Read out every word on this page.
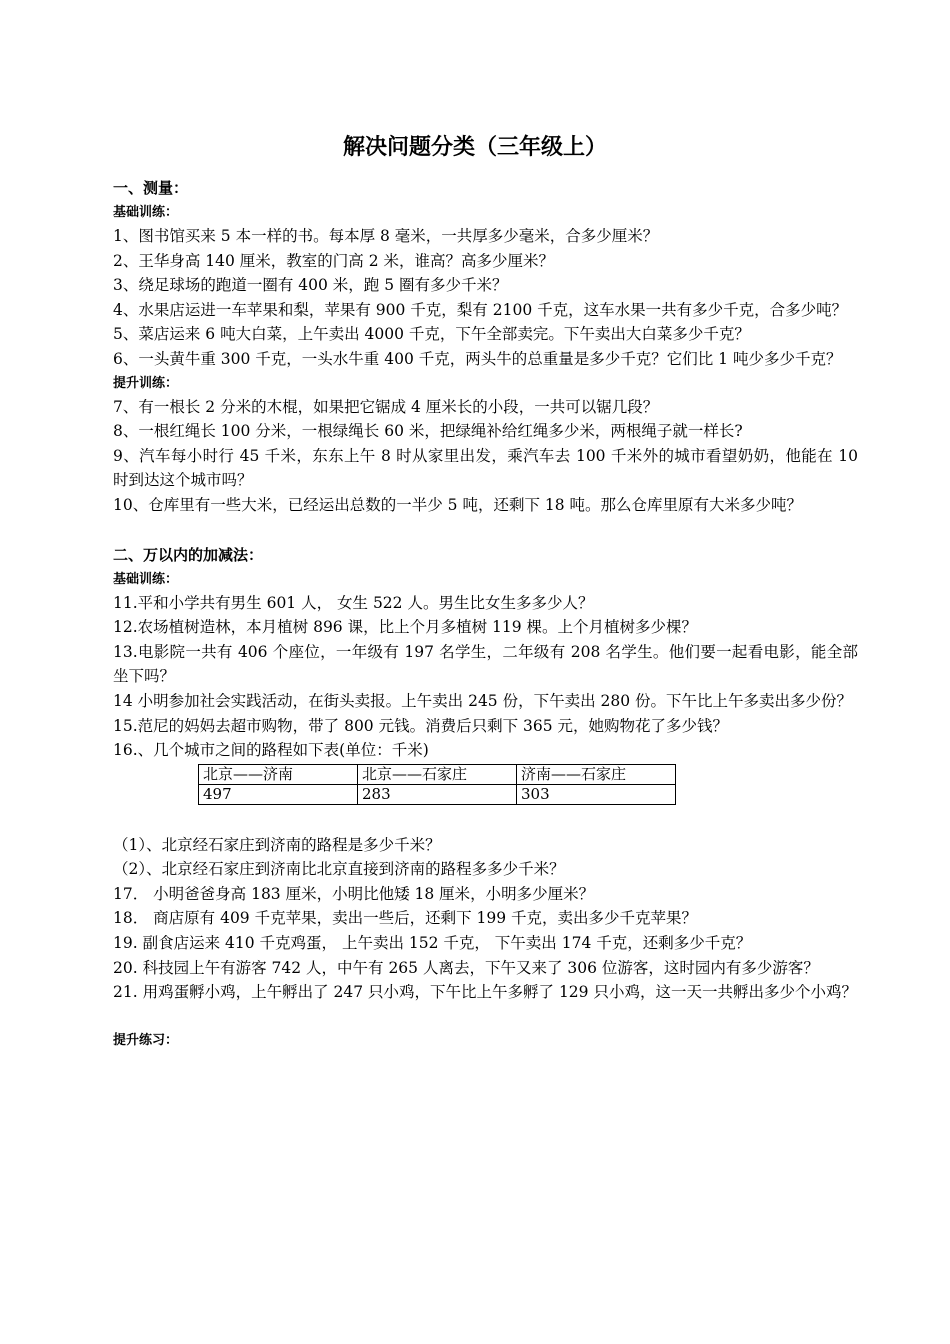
解决问题分类（三年级上）
一、测量：
基础训练：

1、图书馆买来 5 本一样的书。每本厚 8 毫米，一共厚多少毫米，合多少厘米？

2、王华身高 140 厘米，教室的门高 2 米，谁高？高多少厘米？

3、绕足球场的跑道一圈有 400 米，跑 5 圈有多少千米？

4、水果店运进一车苹果和梨，苹果有 900 千克，梨有 2100 千克，这车水果一共有多少千克，合多少吨？

5、菜店运来 6 吨大白菜，上午卖出 4000 千克，下午全部卖完。下午卖出大白菜多少千克？

6、一头黄牛重 300 千克，一头水牛重 400 千克，两头牛的总重量是多少千克？它们比 1 吨少多少千克？

提升训练：

7、有一根长 2 分米的木棍，如果把它锯成 4 厘米长的小段，一共可以锯几段？

8、一根红绳长 100 分米，一根绿绳长 60 米，把绿绳补给红绳多少米，两根绳子就一样长?

9、汽车每小时行 45 千米，东东上午 8 时从家里出发，乘汽车去 100 千米外的城市看望奶奶，他能在 10 时到达这个城市吗？

10、仓库里有一些大米，已经运出总数的一半少 5 吨，还剩下 18 吨。那么仓库里原有大米多少吨？

二、万以内的加减法：
基础训练：

11.平和小学共有男生 601 人， 女生 522 人。男生比女生多多少人？

12.农场植树造林，本月植树 896 课，比上个月多植树 119 棵。上个月植树多少棵？

13.电影院一共有 406 个座位，一年级有 197 名学生，二年级有 208 名学生。他们要一起看电影，能全部坐下吗？

14 小明参加社会实践活动，在街头卖报。上午卖出 245 份，下午卖出 280 份。下午比上午多卖出多少份？

15.范尼的妈妈去超市购物，带了 800 元钱。消费后只剩下 365 元，她购物花了多少钱？

16.、几个城市之间的路程如下表(单位：千米)

北京——济南	北京——石家庄	济南——石家庄
497	283	303

（1）、北京经石家庄到济南的路程是多少千米？

（2）、北京经石家庄到济南比北京直接到济南的路程多多少千米？

17． 小明爸爸身高 183 厘米，小明比他矮 18 厘米，小明多少厘米？

18． 商店原有 409 千克苹果，卖出一些后，还剩下 199 千克，卖出多少千克苹果？

19. 副食店运来 410 千克鸡蛋， 上午卖出 152 千克， 下午卖出 174 千克，还剩多少千克？

20. 科技园上午有游客 742 人，中午有 265 人离去，下午又来了 306 位游客，这时园内有多少游客？

21. 用鸡蛋孵小鸡，上午孵出了 247 只小鸡，下午比上午多孵了 129 只小鸡，这一天一共孵出多少个小鸡？

提升练习：
